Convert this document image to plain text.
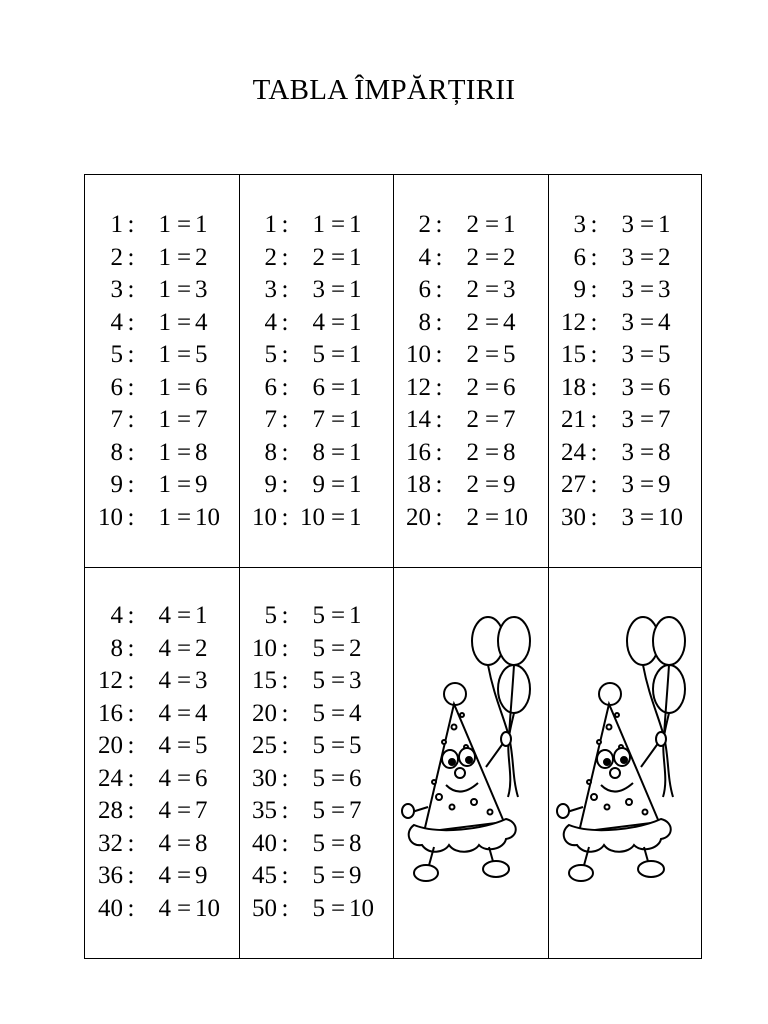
TABLA ÎMPĂRȚIRII
1 : 1 = 1
2 : 1 = 2
3 : 1 = 3
4 : 1 = 4
5 : 1 = 5
6 : 1 = 6
7 : 1 = 7
8 : 1 = 8
9 : 1 = 9
10 : 1 = 10
1 : 1 = 1
2 : 2 = 1
3 : 3 = 1
4 : 4 = 1
5 : 5 = 1
6 : 6 = 1
7 : 7 = 1
8 : 8 = 1
9 : 9 = 1
10 : 10 = 1
2 : 2 = 1
4 : 2 = 2
6 : 2 = 3
8 : 2 = 4
10 : 2 = 5
12 : 2 = 6
14 : 2 = 7
16 : 2 = 8
18 : 2 = 9
20 : 2 = 10
3 : 3 = 1
6 : 3 = 2
9 : 3 = 3
12 : 3 = 4
15 : 3 = 5
18 : 3 = 6
21 : 3 = 7
24 : 3 = 8
27 : 3 = 9
30 : 3 = 10
4 : 4 = 1
8 : 4 = 2
12 : 4 = 3
16 : 4 = 4
20 : 4 = 5
24 : 4 = 6
28 : 4 = 7
32 : 4 = 8
36 : 4 = 9
40 : 4 = 10
5 : 5 = 1
10 : 5 = 2
15 : 5 = 3
20 : 5 = 4
25 : 5 = 5
30 : 5 = 6
35 : 5 = 7
40 : 5 = 8
45 : 5 = 9
50 : 5 = 10
